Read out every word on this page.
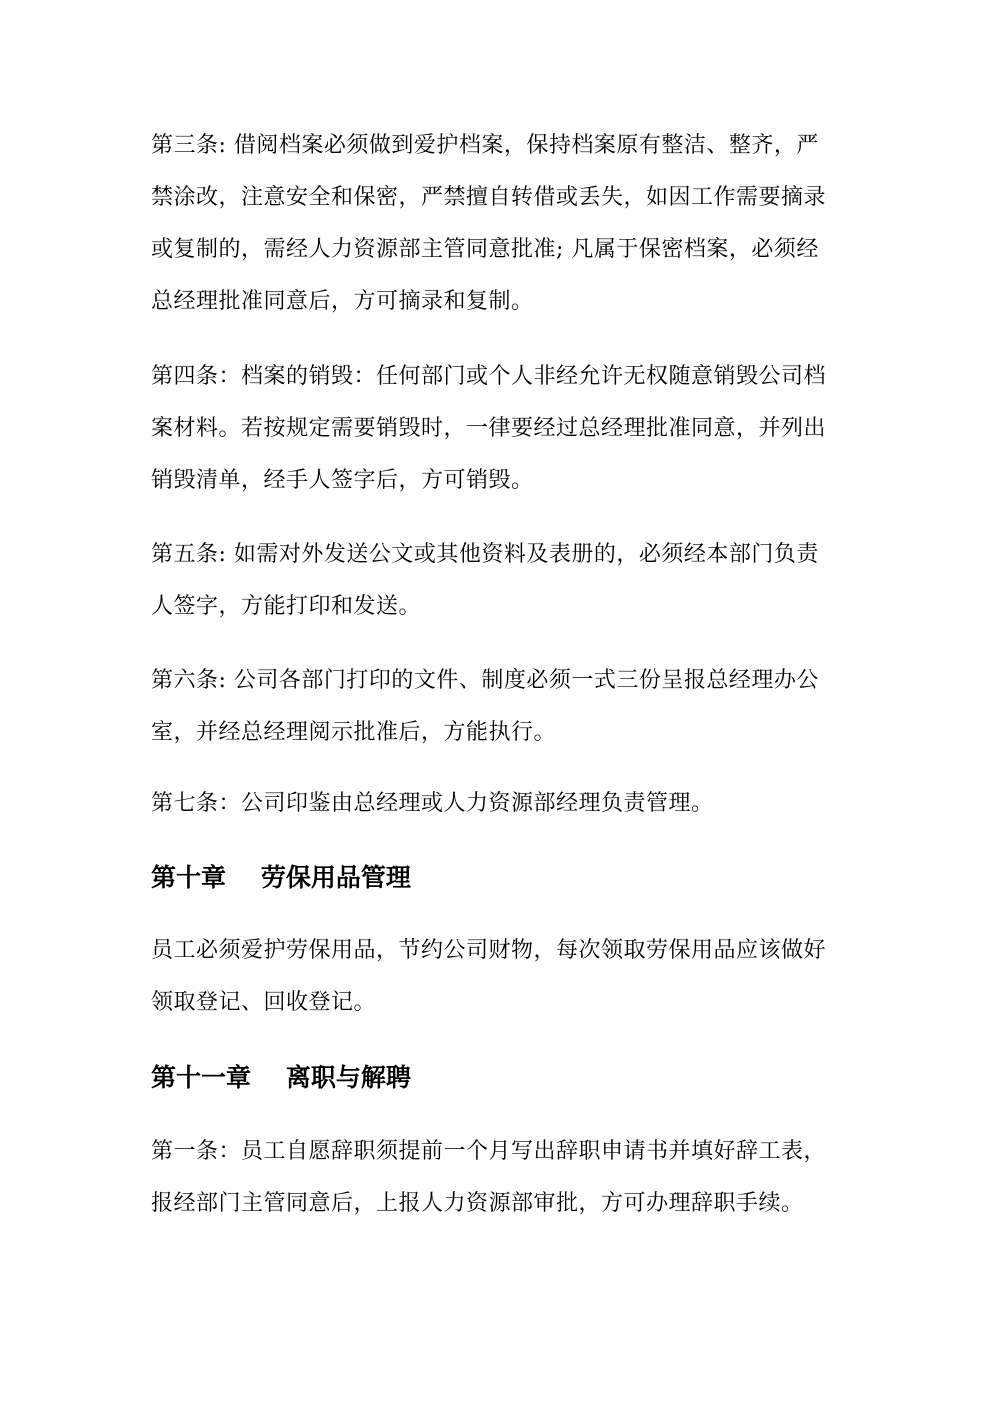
第三条: 借阅档案必须做到爱护档案，保持档案原有整洁、整齐，严
禁涂改，注意安全和保密，严禁擅自转借或丢失，如因工作需要摘录
或复制的，需经人力资源部主管同意批准; 凡属于保密档案，必须经
总经理批准同意后，方可摘录和复制。

第四条：档案的销毁：任何部门或个人非经允许无权随意销毁公司档
案材料。若按规定需要销毁时，一律要经过总经理批准同意，并列出
销毁清单，经手人签字后，方可销毁。

第五条: 如需对外发送公文或其他资料及表册的，必须经本部门负责
人签字，方能打印和发送。

第六条: 公司各部门打印的文件、制度必须一式三份呈报总经理办公
室，并经总经理阅示批准后，方能执行。

第七条：公司印鉴由总经理或人力资源部经理负责管理。

第十章    劳保用品管理

员工必须爱护劳保用品，节约公司财物，每次领取劳保用品应该做好
领取登记、回收登记。

第十一章    离职与解聘

第一条：员工自愿辞职须提前一个月写出辞职申请书并填好辞工表，
报经部门主管同意后，上报人力资源部审批，方可办理辞职手续。
